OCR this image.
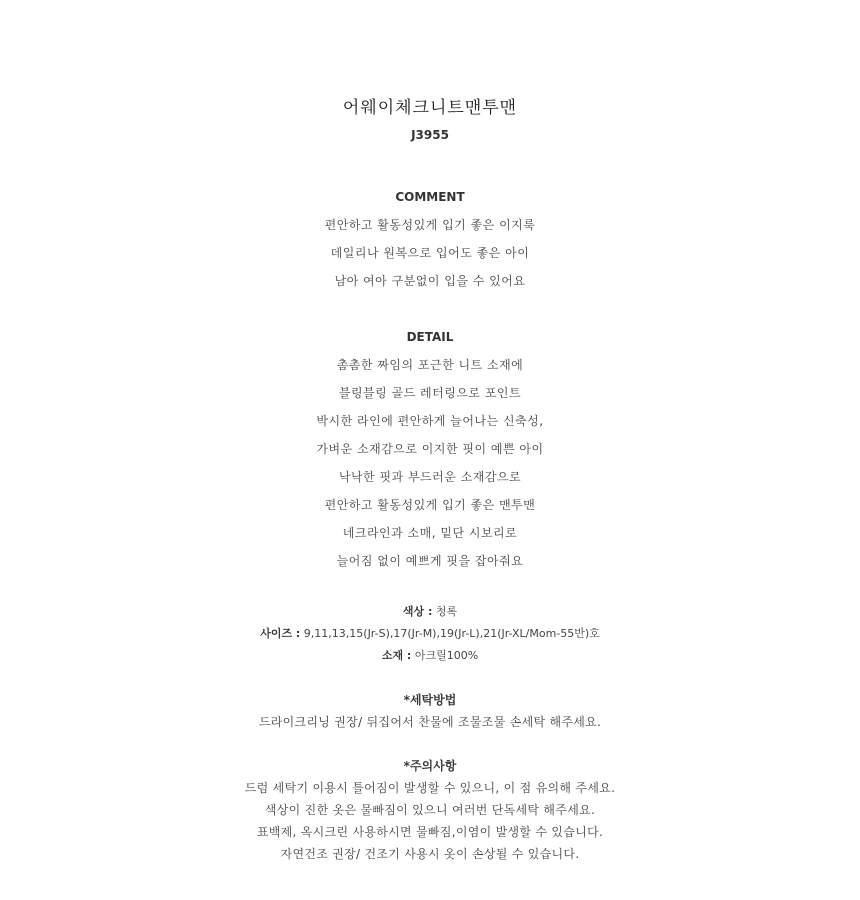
어웨이체크니트맨투맨
J3955
COMMENT
편안하고 활동성있게 입기 좋은 이지룩
데일리나 원복으로 입어도 좋은 아이
남아 여아 구분없이 입을 수 있어요
DETAIL
촘촘한 짜임의 포근한 니트 소재에
블링블링 골드 레터링으로 포인트
박시한 라인에 편안하게 늘어나는 신축성,
가벼운 소재감으로 이지한 핏이 예쁜 아이
낙낙한 핏과 부드러운 소재감으로
편안하고 활동성있게 입기 좋은 맨투맨
네크라인과 소매, 밑단 시보리로
늘어짐 없이 예쁘게 핏을 잡아줘요
색상 : 청록
사이즈 : 9,11,13,15(Jr-S),17(Jr-M),19(Jr-L),21(Jr-XL/Mom-55반)호
소재 : 아크릴100%
*세탁방법
드라이크리닝 권장/ 뒤집어서 찬물에 조물조물 손세탁 해주세요.
*주의사항
드럼 세탁기 이용시 틀어짐이 발생할 수 있으니, 이 점 유의해 주세요.
색상이 진한 옷은 물빠짐이 있으니 여러번 단독세탁 해주세요.
표백제, 옥시크린 사용하시면 물빠짐,이염이 발생할 수 있습니다.
자연건조 권장/ 건조기 사용시 옷이 손상될 수 있습니다.
